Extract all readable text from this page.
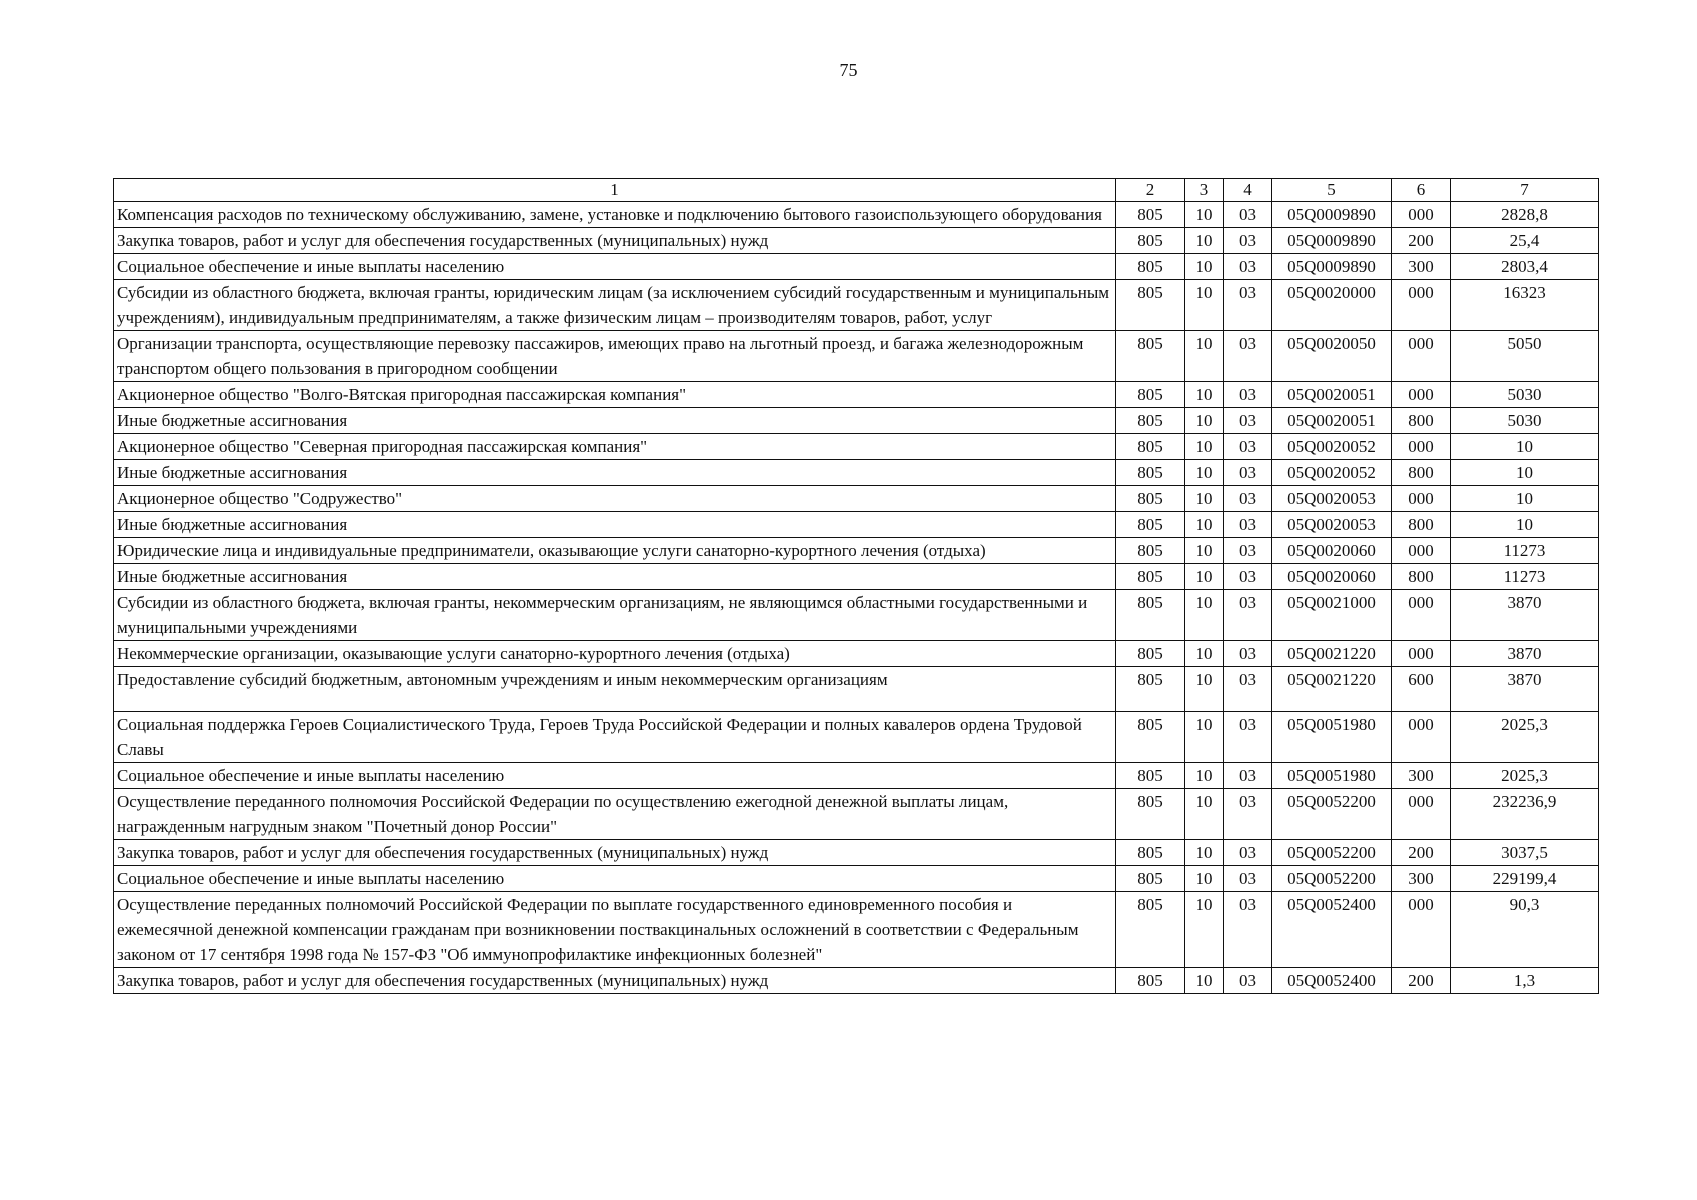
75
1	2	3	4	5	6	7
Компенсация расходов по техническому обслуживанию, замене, установке и подключению бытового газоиспользующего оборудования	805	10	03	05Q0009890	000	2828,8
Закупка товаров, работ и услуг для обеспечения государственных (муниципальных) нужд	805	10	03	05Q0009890	200	25,4
Социальное обеспечение и иные выплаты населению	805	10	03	05Q0009890	300	2803,4
Субсидии из областного бюджета, включая гранты, юридическим лицам (за исключением субсидий государственным и муниципальным учреждениям), индивидуальным предпринимателям, а также физическим лицам – производителям товаров, работ, услуг	805	10	03	05Q0020000	000	16323
Организации транспорта, осуществляющие перевозку пассажиров, имеющих право на льготный проезд, и багажа железнодорожным транспортом общего пользования в пригородном сообщении	805	10	03	05Q0020050	000	5050
Акционерное общество "Волго-Вятская пригородная пассажирская компания"	805	10	03	05Q0020051	000	5030
Иные бюджетные ассигнования	805	10	03	05Q0020051	800	5030
Акционерное общество "Северная пригородная пассажирская компания"	805	10	03	05Q0020052	000	10
Иные бюджетные ассигнования	805	10	03	05Q0020052	800	10
Акционерное общество "Содружество"	805	10	03	05Q0020053	000	10
Иные бюджетные ассигнования	805	10	03	05Q0020053	800	10
Юридические лица и индивидуальные предприниматели, оказывающие услуги санаторно-курортного лечения (отдыха)	805	10	03	05Q0020060	000	11273
Иные бюджетные ассигнования	805	10	03	05Q0020060	800	11273
Субсидии из областного бюджета, включая гранты, некоммерческим организациям, не являющимся областными государственными и муниципальными учреждениями	805	10	03	05Q0021000	000	3870
Некоммерческие организации, оказывающие услуги санаторно-курортного лечения (отдыха)	805	10	03	05Q0021220	000	3870
Предоставление субсидий бюджетным, автономным учреждениям и иным некоммерческим организациям	805	10	03	05Q0021220	600	3870
Социальная поддержка Героев Социалистического Труда, Героев Труда Российской Федерации и полных кавалеров ордена Трудовой Славы	805	10	03	05Q0051980	000	2025,3
Социальное обеспечение и иные выплаты населению	805	10	03	05Q0051980	300	2025,3
Осуществление переданного полномочия Российской Федерации по осуществлению ежегодной денежной выплаты лицам, награжденным нагрудным знаком "Почетный донор России"	805	10	03	05Q0052200	000	232236,9
Закупка товаров, работ и услуг для обеспечения государственных (муниципальных) нужд	805	10	03	05Q0052200	200	3037,5
Социальное обеспечение и иные выплаты населению	805	10	03	05Q0052200	300	229199,4
Осуществление переданных полномочий Российской Федерации по выплате государственного единовременного пособия и ежемесячной денежной компенсации гражданам при возникновении поствакцинальных осложнений в соответствии с Федеральным законом от 17 сентября 1998 года № 157-ФЗ "Об иммунопрофилактике инфекционных болезней"	805	10	03	05Q0052400	000	90,3
Закупка товаров, работ и услуг для обеспечения государственных (муниципальных) нужд	805	10	03	05Q0052400	200	1,3
